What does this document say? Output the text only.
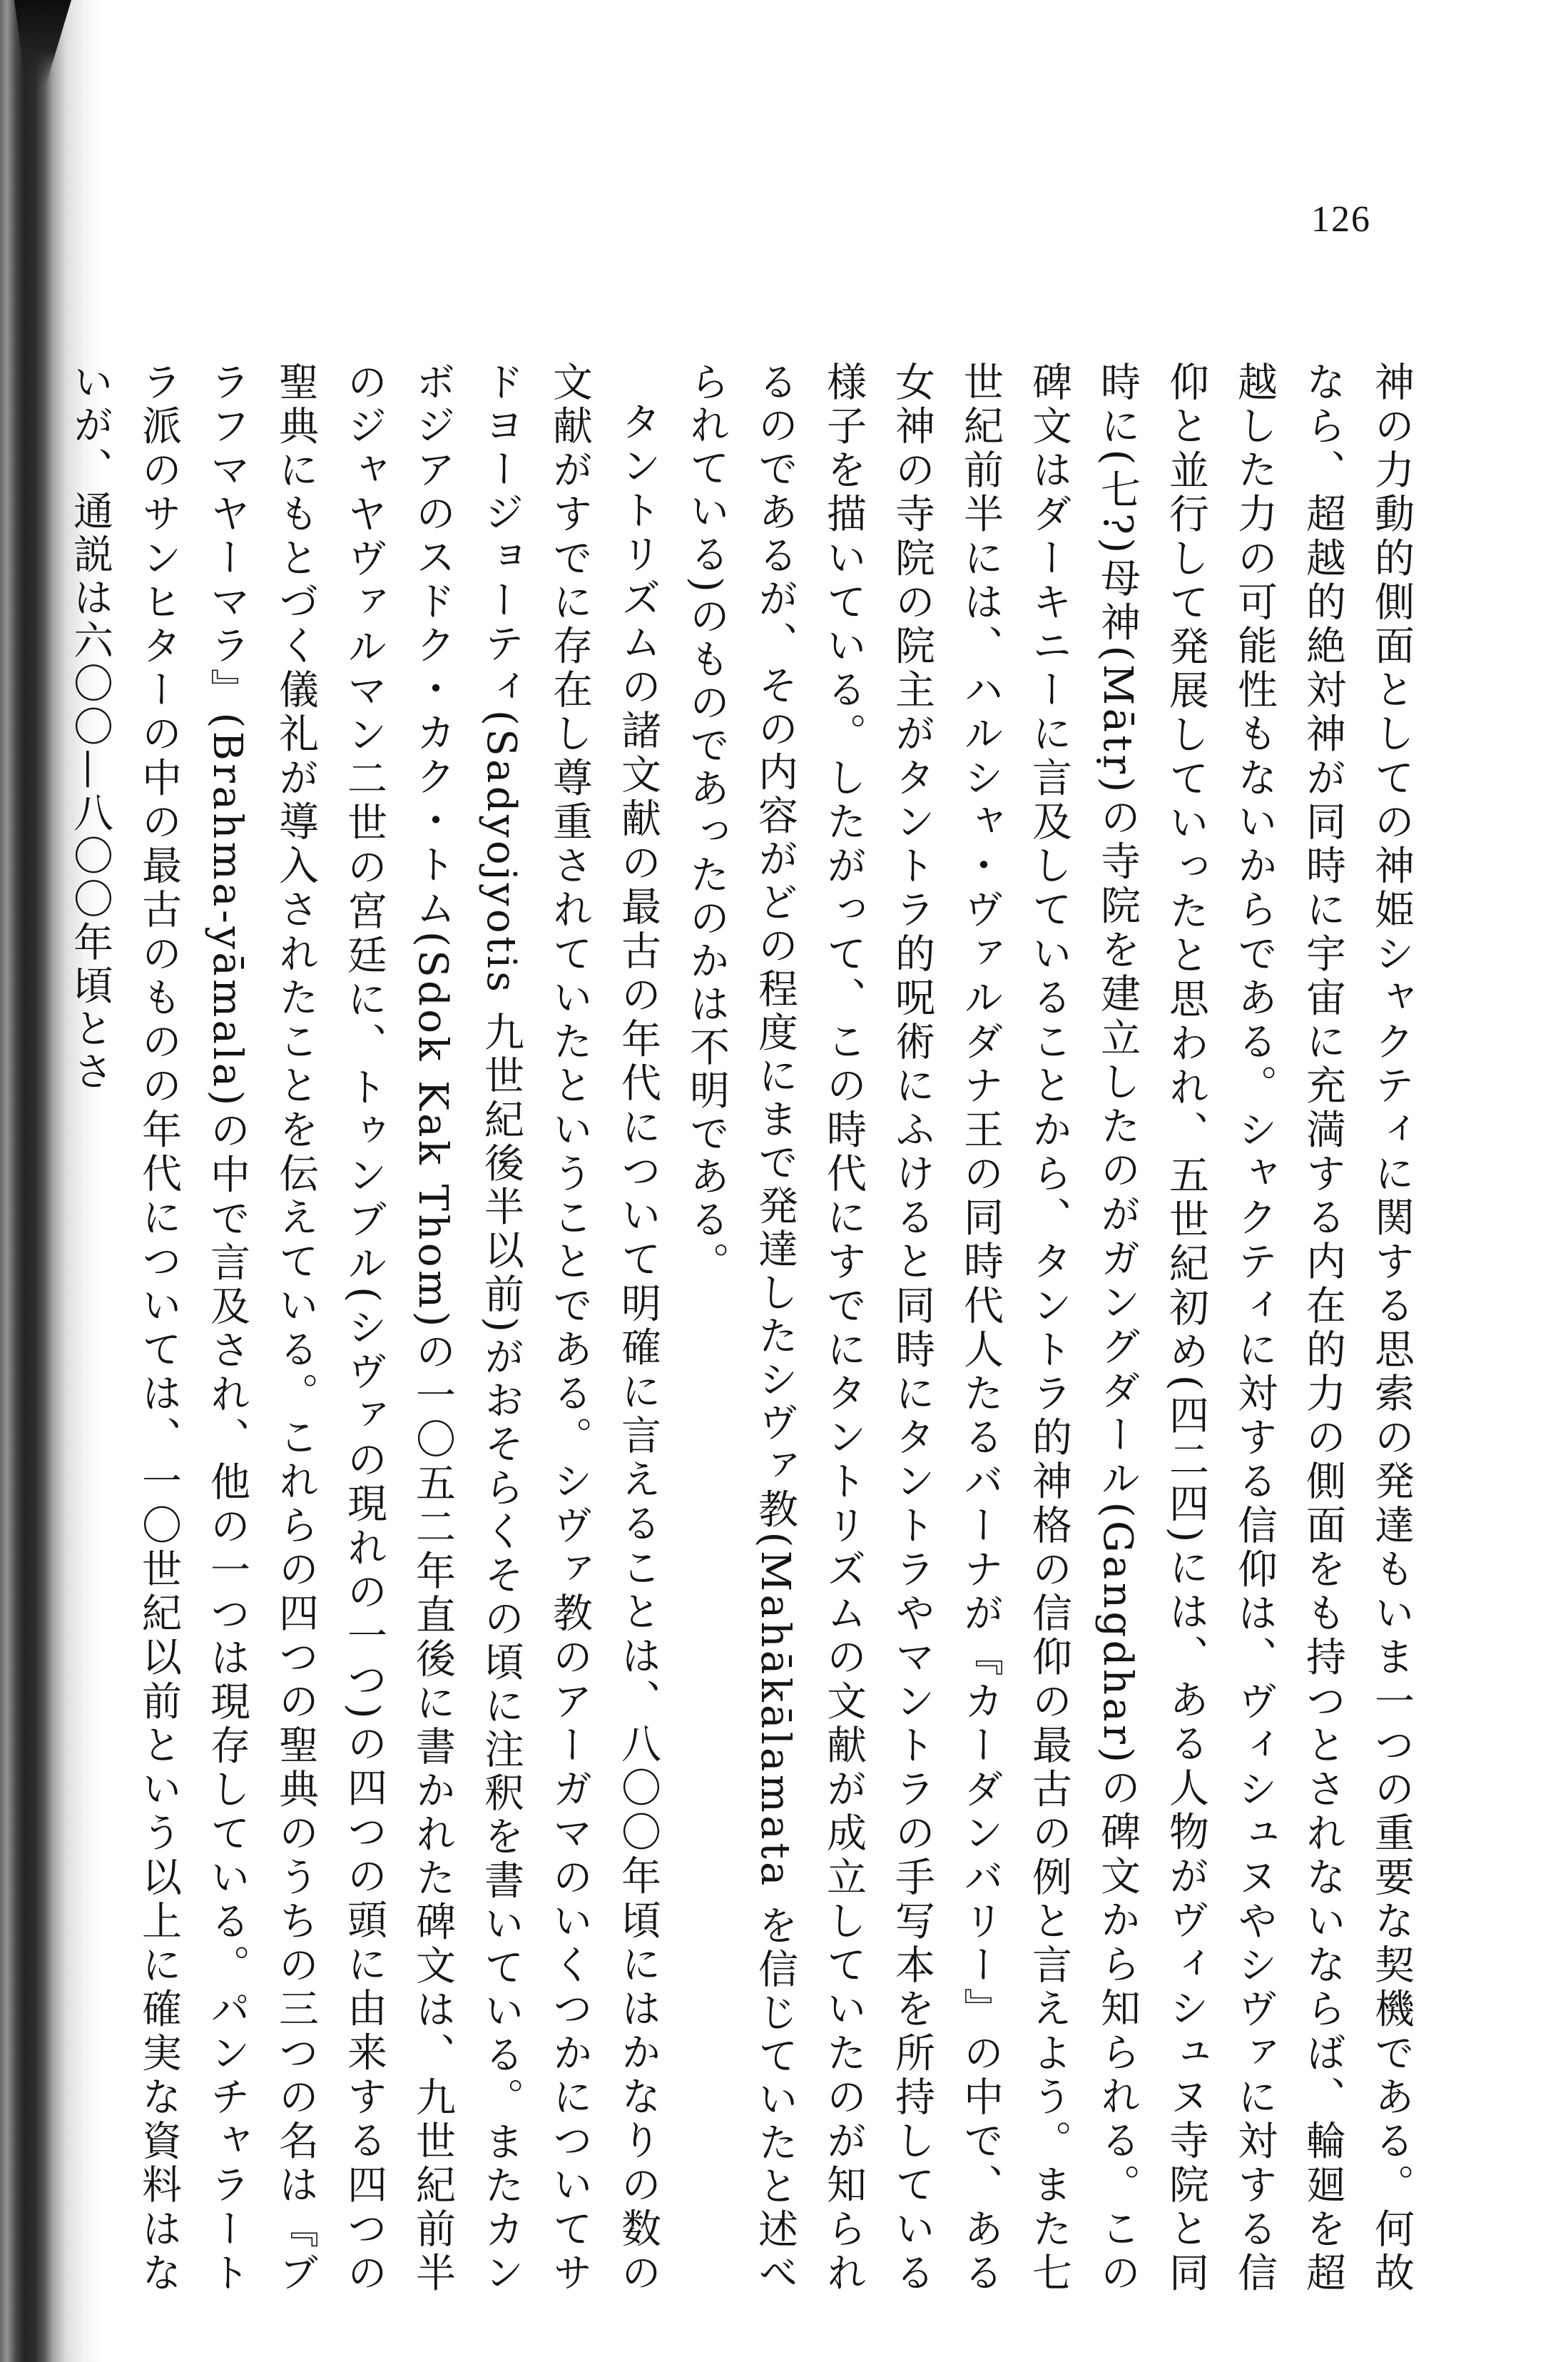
126

神の力動的側面としての神姫シャクティに関する思索の発達もいま一つの重要な契機である。何故なら、超越的絶対神が同時に宇宙に充満する内在的力の側面をも持つとされないならば、輪廻を超越した力の可能性もないからである。シャクティに対する信仰は、ヴィシュヌやシヴァに対する信仰と並行して発展していったと思われ、五世紀初め(四二四)には、ある人物がヴィシュヌ寺院と同時に(七?)母神(Mātṛ)の寺院を建立したのがガングダール(Gangdhar)の碑文から知られる。この碑文はダーキニーに言及していることから、タントラ的神格の信仰の最古の例と言えよう。また七世紀前半には、ハルシャ・ヴァルダナ王の同時代人たるバーナが『カーダンバリー』の中で、ある女神の寺院の院主がタントラ的呪術にふけると同時にタントラやマントラの手写本を所持している様子を描いている。したがって、この時代にすでにタントリズムの文献が成立していたのが知られるのであるが、その内容がどの程度にまで発達したシヴァ教(Mahākālamata を信じていたと述べられている)のものであったのかは不明である。

タントリズムの諸文献の最古の年代について明確に言えることは、八〇〇年頃にはかなりの数の文献がすでに存在し尊重されていたということである。シヴァ教のアーガマのいくつかについてサドヨージョーティ(Sadyojyotis 九世紀後半以前)がおそらくその頃に注釈を書いている。またカンボジアのスドク・カク・トム(Sdok Kak Thom)の一〇五二年直後に書かれた碑文は、九世紀前半のジャヤヴァルマン二世の宮廷に、トゥンブル(シヴァの現れの一つ)の四つの頭に由来する四つの聖典にもとづく儀礼が導入されたことを伝えている。これらの四つの聖典のうちの三つの名は『ブラフマヤーマラ』(Brahma-yāmala)の中で言及され、他の一つは現存している。パンチャラートラ派のサンヒターの中の最古のものの年代については、一〇世紀以前という以上に確実な資料はないが、通説は六〇〇—八〇〇年頃とさ
